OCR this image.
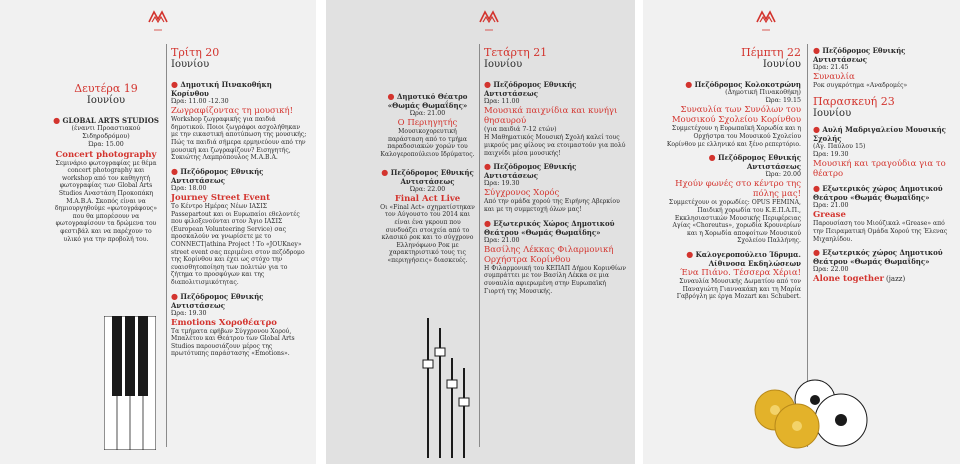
Δευτέρα 19
Ιουνίου
● GLOBAL ARTS STUDIOS
(έναντι Προαστιακού Σιδηροδρόμου)
Ώρα: 15.00
Concert photography
Σεμινάριο φωτογραφίας με θέμα concert photography και workshop από τον καθηγητή φωτογραφίας των Global Arts Studios Αναστάση Προκοπάκη Μ.Α.Β.Α. Σκοπός είναι να δημιουργηθούμε «φωτογράφους» που θα μπορέσουν να φωτογραφίσουν τα δρώμενα του φεστιβάλ και να παρέχουν το υλικό για την προβολή του.
Τρίτη 20
Ιουνίου
● Δημοτική Πινακοθήκη Κορίνθου
Ώρα: 11.00 -12.30
Ζωγραφίζοντας τη μουσική!
Workshop ζωγραφικής για παιδιά δημοτικού. Ποιοι ζωγράφοι ασχολήθηκαν με την εικαστική αποτύπωση της μουσικής; Πώς τα παιδιά σήμερα ερμηνεύουν από την μουσική και ζωγραφίζουν? Εισηγητής, Συκιώτης Λαμπρόπουλος Μ.Α.Β.Α.
● Πεζόδρομος Εθνικής Αντιστάσεως
Ώρα: 18.00
Journey Street Event
Το Κέντρο Ημέρας Νέων ΙΑΣΙΣ Passepartout και οι Ευρωπαίοι εθελοντές που φιλοξενούνται στον Άγιο ΙΑΣΙΣ (European Volunteering Service) σας προσκαλούν να γνωρίσετε με το CONNECT|athina Project ! Το «JOUKney» street event σας περιμένει στον πεζόδρομο της Κορίνθου και έχει ως στόχο την ευαισθητοποίηση των πολιτών για το ζήτημα το προσφύγων και της διαπολιτισμικότητας.
● Πεζόδρομος Εθνικής Αντιστάσεως
Ώρα: 19.30
Emotions Χοροθέατρο
Τα τμήματα εφήβων Σύγχρονου Χορού, Μπαλέτου και Θεάτρου των Global Arts Studios παρουσιάζουν μέρος της πρωτότυπης παράστασης «Emotions».
● Δημοτικό Θέατρο «Θωμάς Θωμαΐδης»
Ώρα: 21.00
Ο Περιηγητής
Μουσικοχορευτική παράσταση από το τμήμα παραδοσιακών χορών του Καλογεροπούλειου Ιδρύματος.
● Πεζόδρομος Εθνικής Αντιστάσεως
Ώρα: 22.00
Final Act Live
Οι «Final Act» σχηματίστηκαν τον Αύγουστο του 2014 και είναι ένα γκρουπ που συνδυάζει στοιχεία από το κλασικό ροκ και το σύγχρονο Ελληνόφωνο Ροκ με χαρακτηριστικό τους τις «περιηγήσεις» διασκευές.
Τετάρτη 21
Ιουνίου
● Πεζόδρομος Εθνικής Αντιστάσεως
Ώρα: 11.00
Μουσικά παιχνίδια και κυνήγι θησαυρού
(για παιδιά 7-12 ετών)
Η Μαθηματικός Μουσική Σχολή καλεί τους μικρούς μας φίλους να ετοιμαστούν για πολύ παιχνίδι μέσα μουσικής!
● Πεζόδρομος Εθνικής Αντιστάσεως
Ώρα: 19.30
Σύγχρονος Χορός
Από την ομάδα χορού της Ειρήνης Αβερκίου και με τη συμμετοχή όλων μας!
● Εξωτερικός Χώρος Δημοτικού Θεάτρου «Θωμάς Θωμαΐδης»
Ώρα: 21.00
Βασίλης Λέκκας Φιλαρμονική Ορχήστρα Κορίνθου
Η Φιλαρμονική του ΚΕΠΑΠ Δήμου Κορινθίων συμπράττει με τον Βασίλη Λέκκα σε μια συναυλία αφιερωμένη στην Ευρωπαϊκή Γιορτή της Μουσικής.
Πέμπτη 22
Ιουνίου
● Πεζόδρομος Κολοκοτρώνη
(Δημοτική Πινακοθήκη)
Ώρα: 19.15
Συναυλία των Συνόλων του Μουσικού Σχολείου Κορίνθου
Συμμετέχουν η Ευρωπαϊκή Χορωδία και η Ορχήστρα του Μουσικού Σχολείου Κορίνθου με ελληνικό και ξένο ρεπερτόριο.
● Πεζόδρομος Εθνικής Αντιστάσεως
Ώρα: 20.00
Ηχούν φωνές στο κέντρο της πόλης μας!
Συμμετέχουν οι χορωδίες: OPUS FEMINA, Παιδική χορωδία του Κ.Ε.Π.Α.Π., Εκκλησιαστικών Μουσικής Περιφέρειας Αγίας «Choreutus», χορωδία Κρουνερίων και η Χορωδία αποφοίτων Μουσικού Σχολείου Παλλήνης.
● Καλογεροπούλειο Ίδρυμα. Λίθινοσα Εκδηλώσεων
Ένα Πιάνο. Τέσσερα Χέρια!
Συναυλία Μουσικής Δωματίου από τον Παναγιώτη Γιαννακάκη και τη Μαρία Γαβρόγλη με έργα Mozart και Schubert.
● Πεζόδρομος Εθνικής Αντιστάσεως
Ώρα: 21.45
Συναυλία
Ροκ συγκρότημα «Αναδρομές»
Παρασκευή 23
Ιουνίου
● Αυλή Μαδριγαλείου Μουσικής Σχολής
(Αγ. Παύλου 15)
Ώρα: 19.30
Μουσική και τραγούδια για το θέατρο
● Εξωτερικός χώρος Δημοτικού Θεάτρου «Θωμάς Θωμαΐδης»
Ώρα: 21.00
Grease
Παρουσίαση του Μιούζικαλ «Grease» από την Πειραματική Ομάδα Χορού της Έλενας Μιχαηλίδου.
● Εξωτερικός χώρος Δημοτικού Θεάτρου «Θωμάς Θωμαΐδης»
Ώρα: 22.00
Alone together (jazz)
